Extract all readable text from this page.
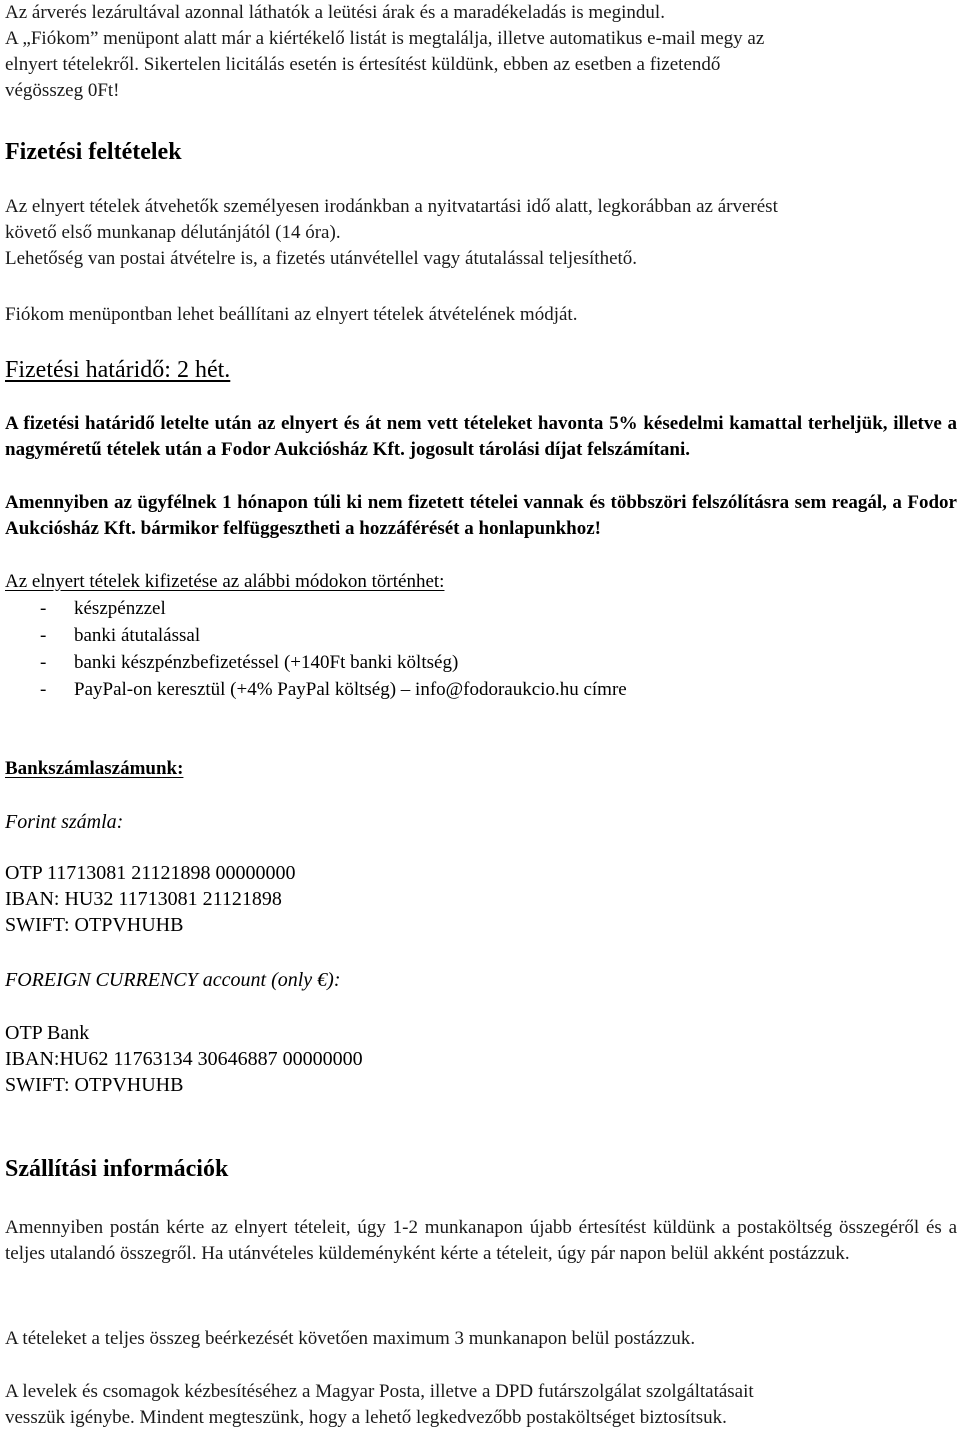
Az árverés lezárultával azonnal láthatók a leütési árak és a maradékeladás is megindul.
A „Fiókom” menüpont alatt már a kiértékelő listát is megtalálja, illetve automatikus e-mail megy az
elnyert tételekről. Sikertelen licitálás esetén is értesítést küldünk, ebben az esetben a fizetendő
végösszeg 0Ft!
Fizetési feltételek
Az elnyert tételek átvehetők személyesen irodánkban a nyitvatartási idő alatt, legkorábban az árverést
követő első munkanap délutánjától (14 óra).
Lehetőség van postai átvételre is, a fizetés utánvétellel vagy átutalással teljesíthető.
Fiókom menüpontban lehet beállítani az elnyert tételek átvételének módját.
Fizetési határidő: 2 hét.

A fizetési határidő letelte után az elnyert és át nem vett tételeket havonta 5% késedelmi kamattal terheljük, illetve a nagyméretű tételek után a Fodor Aukciósház Kft. jogosult tárolási díjat felszámítani.

Amennyiben az ügyfélnek 1 hónapon túli ki nem fizetett tételei vannak és többszöri felszólításra sem reagál, a Fodor Aukciósház Kft. bármikor felfüggesztheti a hozzáférését a honlapunkhoz!

Az elnyert tételek kifizetése az alábbi módokon történhet:
-	készpénzzel
-	banki átutalással
-	banki készpénzbefizetéssel (+140Ft banki költség)
-	PayPal-on keresztül (+4% PayPal költség) – info@fodoraukcio.hu címre
Bankszámlaszámunk:
Forint számla:
OTP 11713081 21121898 00000000
IBAN: HU32 11713081 21121898
SWIFT: OTPVHUHB
FOREIGN CURRENCY account (only €):
OTP Bank
IBAN:HU62 11763134 30646887 00000000
SWIFT: OTPVHUHB
Szállítási információk

Amennyiben postán kérte az elnyert tételeit, úgy 1-2 munkanapon újabb értesítést küldünk a postaköltség összegéről és a teljes utalandó összegről. Ha utánvételes küldeményként kérte a tételeit, úgy pár napon belül akként postázzuk.

A tételeket a teljes összeg beérkezését követően maximum 3 munkanapon belül postázzuk.
A levelek és csomagok kézbesítéséhez a Magyar Posta, illetve a DPD futárszolgálat szolgáltatásait
vesszük igénybe. Mindent megteszünk, hogy a lehető legkedvezőbb postaköltséget biztosítsuk.
